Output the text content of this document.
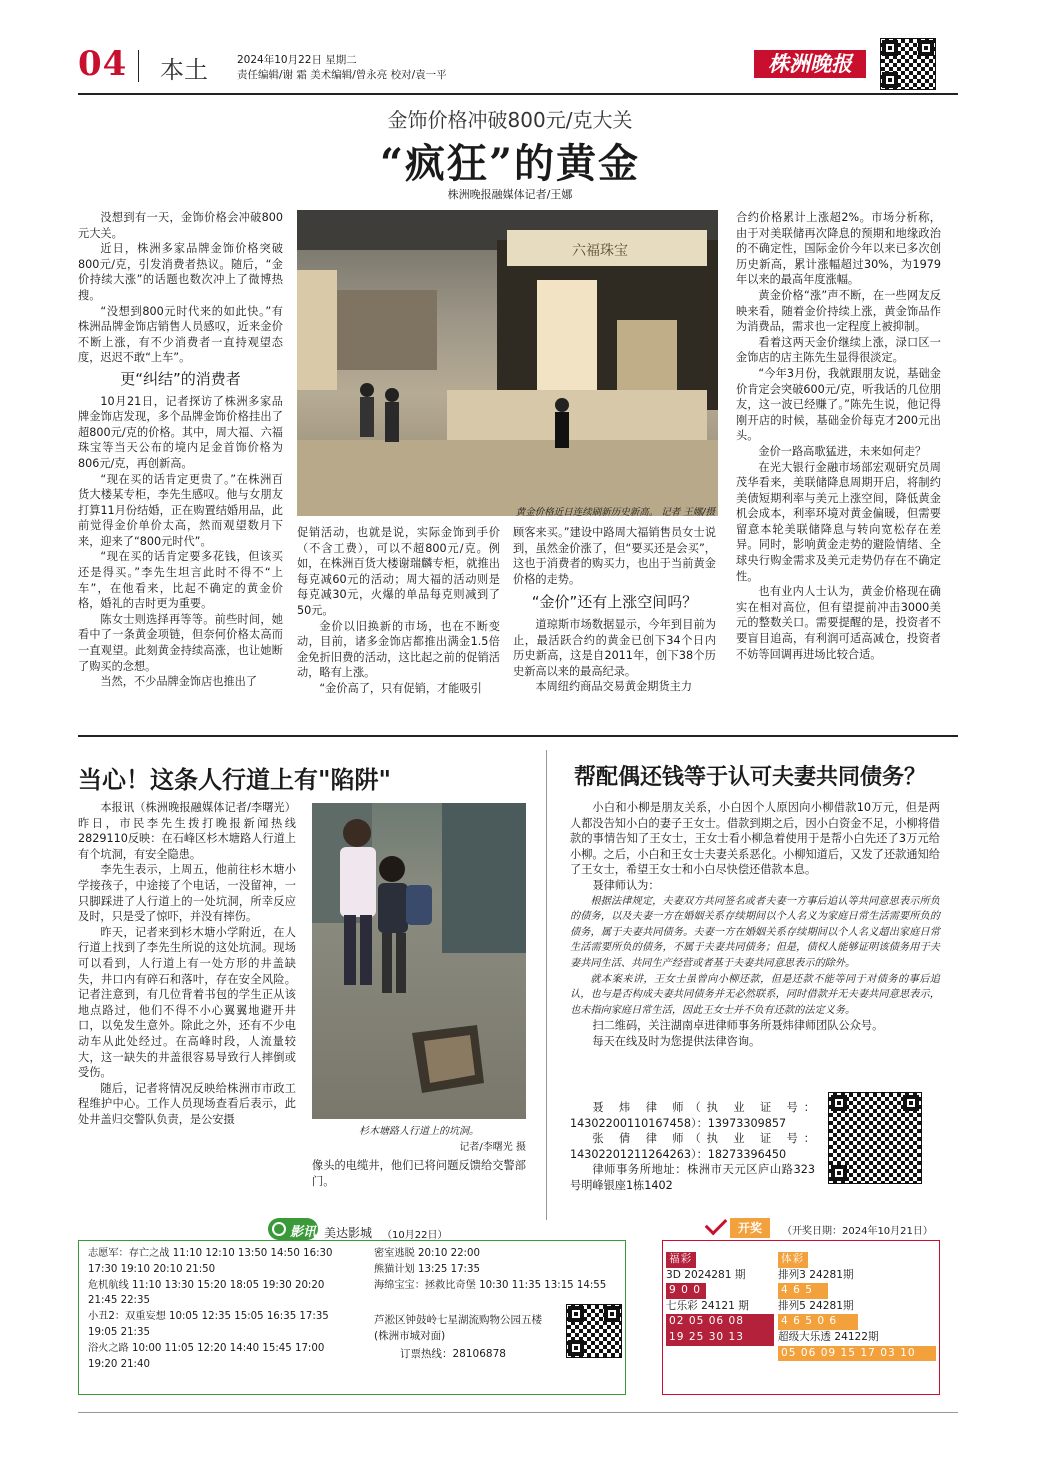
04 本土	2024年10月22日 星期二
责任编辑/谢 霜 美术编辑/曾永亮 校对/袁一平	株洲晚报
金饰价格冲破800元/克大关
“疯狂”的黄金
株洲晚报融媒体记者/王娜

没想到有一天，金饰价格会冲破800元大关。

近日，株洲多家品牌金饰价格突破800元/克，引发消费者热议。随后，“金价持续大涨”的话题也数次冲上了微博热搜。

“没想到800元时代来的如此快。”有株洲品牌金饰店销售人员感叹，近来金价不断上涨，有不少消费者一直持观望态度，迟迟不敢“上车”。

更“纠结”的消费者

10月21日，记者探访了株洲多家品牌金饰店发现，多个品牌金饰价格挂出了超800元/克的价格。其中，周大福、六福珠宝等当天公布的境内足金首饰价格为806元/克，再创新高。

“现在买的话肯定更贵了。”在株洲百货大楼某专柜，李先生感叹。他与女朋友打算11月份结婚，正在购置结婚用品，此前觉得金价单价太高，然而观望数月下来，迎来了“800元时代”。

“现在买的话肯定要多花钱，但该买还是得买。”李先生坦言此时不得不“上车”，在他看来，比起不确定的黄金价格，婚礼的吉时更为重要。

陈女士则选择再等等。前些时间，她看中了一条黄金项链，但奈何价格太高而一直观望。此刻黄金持续高涨，也让她断了购买的念想。

当然，不少品牌金饰店也推出了

六福珠宝
黄金价格近日连续刷新历史新高。 记者 王娜/摄

促销活动，也就是说，实际金饰到手价（不含工费），可以不超800元/克。例如，在株洲百货大楼谢瑞麟专柜，就推出每克减60元的活动；周大福的活动则是每克减30元，火爆的单品每克则减到了50元。

金价以旧换新的市场，也在不断变动，目前，诸多金饰店都推出满金1.5倍金免折旧费的活动，这比起之前的促销活动，略有上涨。

“金价高了，只有促销，才能吸引

顾客来买。”建设中路周大福销售员女士说到，虽然金价涨了，但“要买还是会买”，这也于消费者的购买力，也出于当前黄金价格的走势。

“金价”还有上涨空间吗？

道琼斯市场数据显示，今年到目前为止，最活跃合约的黄金已创下34个日内历史新高，这是自2011年，创下38个历史新高以来的最高纪录。

本周纽约商品交易黄金期货主力

合约价格累计上涨超2%。市场分析称，由于对美联储再次降息的预期和地缘政治的不确定性，国际金价今年以来已多次创历史新高，累计涨幅超过30%，为1979年以来的最高年度涨幅。

黄金价格“涨”声不断，在一些网友反映来看，随着金价持续上涨，黄金饰品作为消费品，需求也一定程度上被抑制。

看着这两天金价继续上涨，渌口区一金饰店的店主陈先生显得很淡定。

“今年3月份，我就跟朋友说，基础金价肯定会突破600元/克，听我话的几位朋友，这一波已经赚了。”陈先生说，他记得刚开店的时候，基础金价每克才200元出头。

金价一路高歌猛进，未来如何走？

在光大银行金融市场部宏观研究员周茂华看来，美联储降息周期开启，将制约美债短期利率与美元上涨空间，降低黄金机会成本，利率环境对黄金偏暖，但需要留意本轮美联储降息与转向宽松存在差异。同时，影响黄金走势的避险情绪、全球央行购金需求及美元走势仍存在不确定性。

也有业内人士认为，黄金价格现在确实在相对高位，但有望提前冲击3000美元的整数关口。需要提醒的是，投资者不要盲目追高，有利润可适高减仓，投资者不妨等回调再进场比较合适。

当心！这条人行道上有"陷阱"

本报讯（株洲晚报融媒体记者/李曙光） 昨日，市民李先生拨打晚报新闻热线2829110反映：在石峰区杉木塘路人行道上有个坑洞，有安全隐患。

李先生表示，上周五，他前往杉木塘小学接孩子，中途接了个电话，一没留神，一只脚踩进了人行道上的一处坑洞，所幸反应及时，只是受了惊吓，并没有摔伤。

昨天，记者来到杉木塘小学附近，在人行道上找到了李先生所说的这处坑洞。现场可以看到，人行道上有一处方形的井盖缺失，井口内有碎石和落叶，存在安全风险。记者注意到，有几位背着书包的学生正从该地点路过，他们不得不小心翼翼地避开井口，以免发生意外。除此之外，还有不少电动车从此处经过。在高峰时段，人流量较大，这一缺失的井盖很容易导致行人摔倒或受伤。

随后，记者将情况反映给株洲市市政工程维护中心。工作人员现场查看后表示，此处井盖归交警队负责，是公安摄

杉木塘路人行道上的坑洞。
记者/李曙光 摄
像头的电缆井，他们已将问题反馈给交警部门。
帮配偶还钱等于认可夫妻共同债务？

小白和小柳是朋友关系，小白因个人原因向小柳借款10万元，但是两人都没告知小白的妻子王女士。借款到期之后，因小白资金不足，小柳将借款的事情告知了王女士，王女士看小柳急着使用于是帮小白先还了3万元给小柳。之后，小白和王女士夫妻关系恶化。小柳知道后，又发了还款通知给了王女士，希望王女士和小白尽快偿还借款本息。

聂律师认为：

根据法律规定，夫妻双方共同签名或者夫妻一方事后追认等共同意思表示所负的债务，以及夫妻一方在婚姻关系存续期间以个人名义为家庭日常生活需要所负的债务，属于夫妻共同债务。夫妻一方在婚姻关系存续期间以个人名义超出家庭日常生活需要所负的债务，不属于夫妻共同债务；但是，债权人能够证明该债务用于夫妻共同生活、共同生产经营或者基于夫妻共同意思表示的除外。

就本案来讲，王女士虽曾向小柳还款，但是还款不能等同于对债务的事后追认，也与是否构成夫妻共同债务并无必然联系，同时借款并无夫妻共同意思表示，也未指向家庭日常生活，因此王女士并不负有还款的法定义务。

扫二维码，关注湖南卓进律师事务所聂炜律师团队公众号。

每天在线及时为您提供法律咨询。

聂 炜 律 师（执 业 证 号：14302200110167458）：13973309857

张 倩 律 师（执 业 证 号：14302201211264263）：18273396450

律师事务所地址：株洲市天元区庐山路323号明峰银座1栋1402

影讯 美达影城 （10月22日）

志愿军：存亡之战 11:10 12:10 13:50 14:50 16:30

17:30 19:10 20:10 21:50

危机航线 11:10 13:30 15:20 18:05 19:30 20:20

21:45 22:35

小丑2：双重妄想 10:05 12:35 15:05 16:35 17:35

19:05 21:35

浴火之路 10:00 11:05 12:20 14:40 15:45 17:00

19:20 21:40

密室逃脱 20:10 22:00

熊猫计划 13:25 17:35

海绵宝宝：拯救比奇堡 10:30 11:35 13:15 14:55

芦淞区钟鼓岭七星湖流购物公园五楼(株洲市城对面)
订票热线：28106878
开奖	（开奖日期：2024年10月21日）
福彩
3D 2024281 期
9 0 0
七乐彩 24121 期
02 05 06 08
19 25 30 13
体彩
排列3 24281期
4 6 5
排列5 24281期
4 6 5 0 6
超级大乐透 24122期
05 06 09 15 17 03 10
